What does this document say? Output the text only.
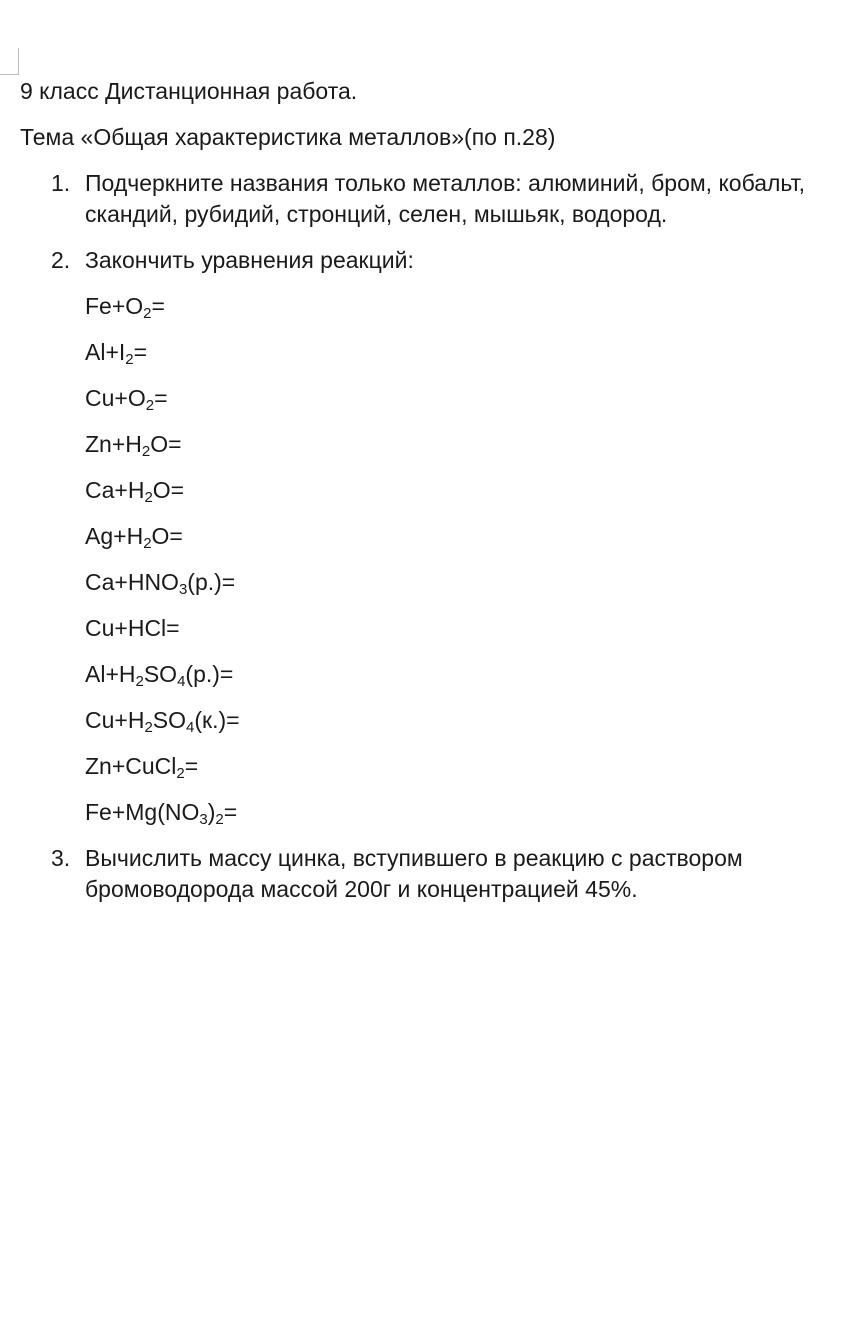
9 класс Дистанционная работа.

Тема «Общая характеристика металлов»(по п.28)

1. Подчеркните названия только металлов: алюминий, бром, кобальт, скандий, рубидий, стронций, селен, мышьяк, водород.
2. Закончить уравнения реакций:
Fe+O2=
Al+I2=
Cu+O2=
Zn+H2O=
Ca+H2O=
Ag+H2O=
Ca+HNO3(р.)=
Cu+HCl=
Al+H2SO4(р.)=
Cu+H2SO4(к.)=
Zn+CuCl2=
Fe+Mg(NO3)2=
3. Вычислить массу цинка, вступившего в реакцию с раствором бромоводорода массой 200г и концентрацией 45%.
